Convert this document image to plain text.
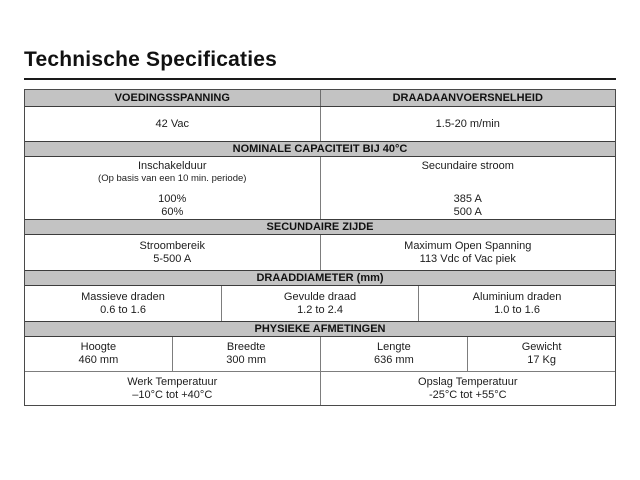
Technische Specificaties
VOEDINGSSPANNING	DRAADAANVOERSNELHEID
42 Vac	1.5-20 m/min
NOMINALE CAPACITEIT BIJ 40°C
Inschakelduur
(Op basis van een 10 min. periode)
100%
60%
Secundaire stroom
385 A
500 A
SECUNDAIRE ZIJDE
Stroombereik
5-500 A
Maximum Open Spanning
113 Vdc of Vac piek
DRAADDIAMETER (mm)
Massieve draden
0.6 to 1.6
Gevulde draad
1.2 to 2.4
Aluminium draden
1.0 to 1.6
PHYSIEKE AFMETINGEN
Hoogte
460 mm
Breedte
300 mm
Lengte
636 mm
Gewicht
17 Kg
Werk Temperatuur
–10°C tot +40°C
Opslag Temperatuur
-25°C tot +55°C
